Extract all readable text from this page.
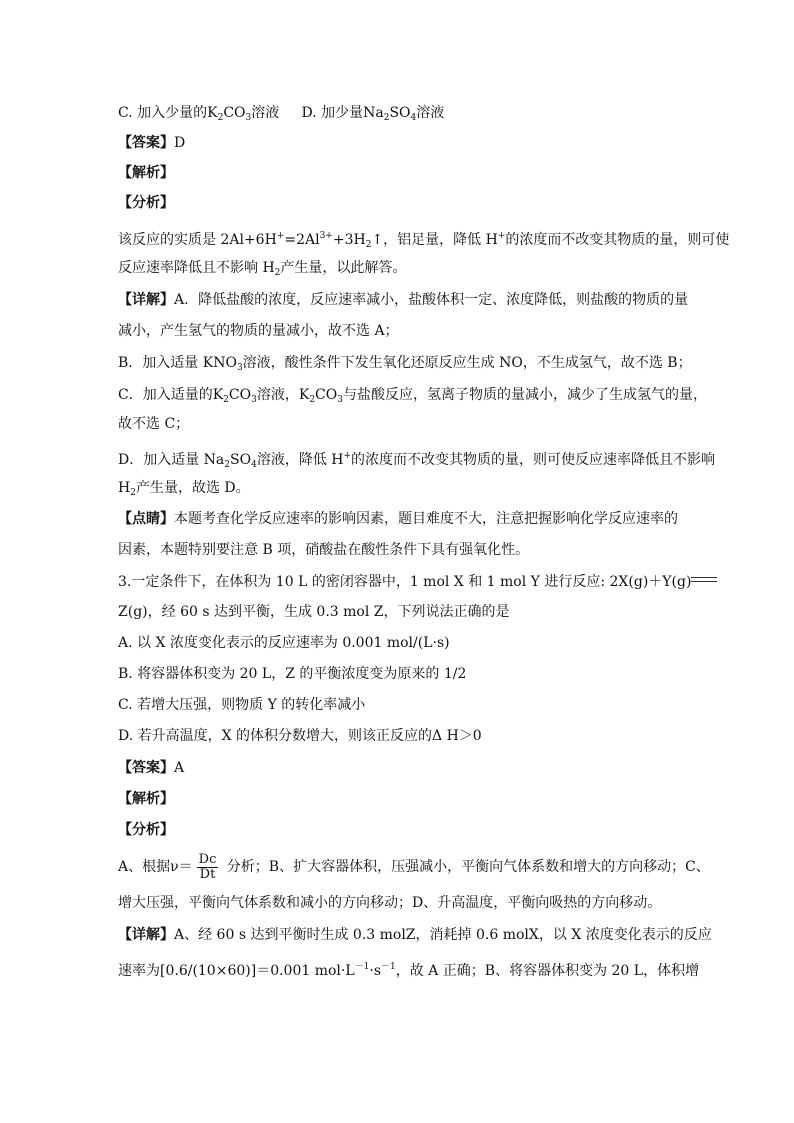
C. 加入少量的$K_2CO_3$溶液     D. 加少量$Na_2SO_4$溶液
【答案】D
【解析】
【分析】
该反应的实质是 $2Al+6H^+=2Al^{3+}+3H_2↑$，铝足量，降低 H+的浓度而不改变其物质的量，则可使
反应速率降低且不影响 $H_2$产生量，以此解答。
【详解】A．降低盐酸的浓度，反应速率减小，盐酸体积一定、浓度降低，则盐酸的物质的量
减小，产生氢气的物质的量减小，故不选 A；
B．加入适量 $KNO_3$溶液，酸性条件下发生氧化还原反应生成 NO，不生成氢气，故不选 B；
C．加入适量的$K_2CO_3$溶液，$K_2CO_3$与盐酸反应，氢离子物质的量减小，减少了生成氢气的量，
故不选 C；
D．加入适量 $Na_2SO_4$溶液，降低 H+的浓度而不改变其物质的量，则可使反应速率降低且不影响
$H_2$产生量，故选 D。
【点睛】本题考查化学反应速率的影响因素，题目难度不大，注意把握影响化学反应速率的
因素，本题特别要注意 B 项，硝酸盐在酸性条件下具有强氧化性。
3.一定条件下，在体积为 10 L 的密闭容器中，1 mol X 和 1 mol Y 进行反应: 2X(g)＋Y(g)
Z(g)，经 60 s 达到平衡，生成 0.3 mol Z，下列说法正确的是
A. 以 X 浓度变化表示的反应速率为 0.001 mol/(L·s)
B. 将容器体积变为 20 L，Z 的平衡浓度变为原来的 1/2
C. 若增大压强，则物质 Y 的转化率减小
D. 若升高温度，X 的体积分数增大，则该正反应的Δ H＞0
【答案】A
【解析】
【分析】
A、根据$\nu= \frac{Dc}{Dt}$ 分析；B、扩大容器体积，压强减小，平衡向气体系数和增大的方向移动；C、
增大压强，平衡向气体系数和减小的方向移动；D、升高温度，平衡向吸热的方向移动。
【详解】A、经 60 s 达到平衡时生成 0.3 molZ，消耗掉 0.6 molX，以 X 浓度变化表示的反应
速率为[0.6/(10×60)]＝0.001 $mol\cdot L^{-1}\cdot s^{-1}$，故 A 正确；B、将容器体积变为 20 L，体积增
